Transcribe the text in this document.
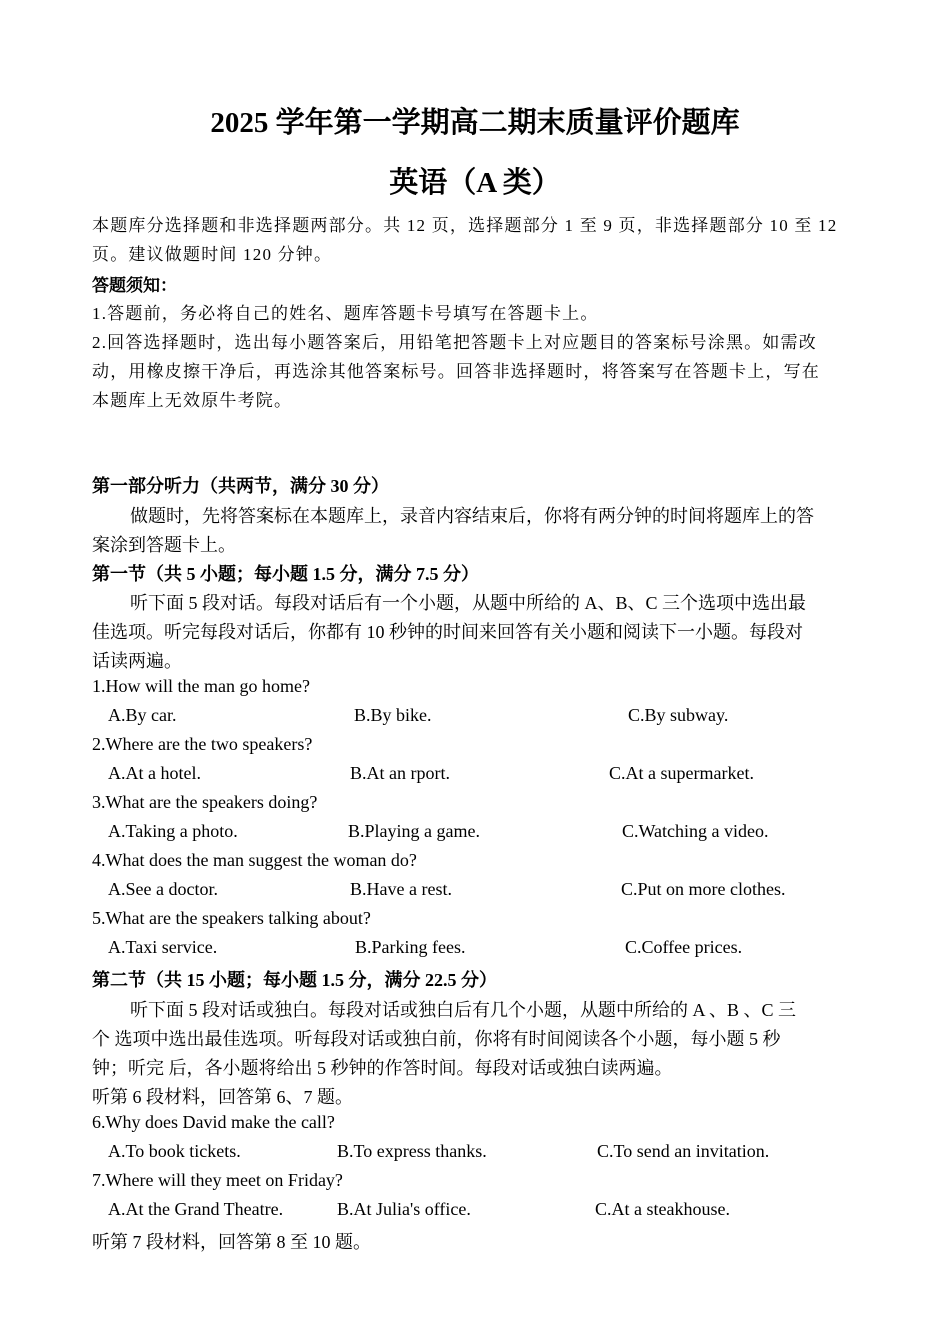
2025 学年第一学期高二期末质量评价题库
英语（A 类）
本题库分选择题和非选择题两部分。共 12 页，选择题部分 1 至 9 页，非选择题部分 10 至 12
页。建议做题时间 120 分钟。
答题须知：
1.答题前，务必将自己的姓名、题库答题卡号填写在答题卡上。
2.回答选择题时，选出每小题答案后，用铅笔把答题卡上对应题目的答案标号涂黑。如需改
动，用橡皮擦干净后，再选涂其他答案标号。回答非选择题时，将答案写在答题卡上，写在
本题库上无效原牛考院。
第一部分听力（共两节，满分 30 分）
做题时，先将答案标在本题库上，录音内容结束后，你将有两分钟的时间将题库上的答
案涂到答题卡上。
第一节（共 5 小题；每小题 1.5 分，满分 7.5 分）
听下面 5 段对话。每段对话后有一个小题，从题中所给的 A、B、C 三个选项中选出最
佳选项。听完每段对话后，你都有 10 秒钟的时间来回答有关小题和阅读下一小题。每段对
话读两遍。
1.How will the man go home?
A.By car.	B.By bike.	C.By subway.
2.Where are the two speakers?
A.At a hotel.	B.At an rport.	C.At a supermarket.
3.What are the speakers doing?
A.Taking a photo.	B.Playing a game.	C.Watching a video.
4.What does the man suggest the woman do?
A.See a doctor.	B.Have a rest.	C.Put on more clothes.
5.What are the speakers talking about?
A.Taxi service.	B.Parking fees.	C.Coffee prices.
第二节（共 15 小题；每小题 1.5 分，满分 22.5 分）
听下面 5 段对话或独白。每段对话或独白后有几个小题，从题中所给的 A 、B 、C 三
个 选项中选出最佳选项。听每段对话或独白前，你将有时间阅读各个小题，每小题 5 秒
钟；听完 后，各小题将给出 5 秒钟的作答时间。每段对话或独白读两遍。
听第 6 段材料，回答第 6、7 题。
6.Why does David make the call?
A.To book tickets.	B.To express thanks.	C.To send an invitation.
7.Where will they meet on Friday?
A.At the Grand Theatre.	B.At Julia's office.	C.At a steakhouse.
听第 7 段材料，回答第 8 至 10 题。
